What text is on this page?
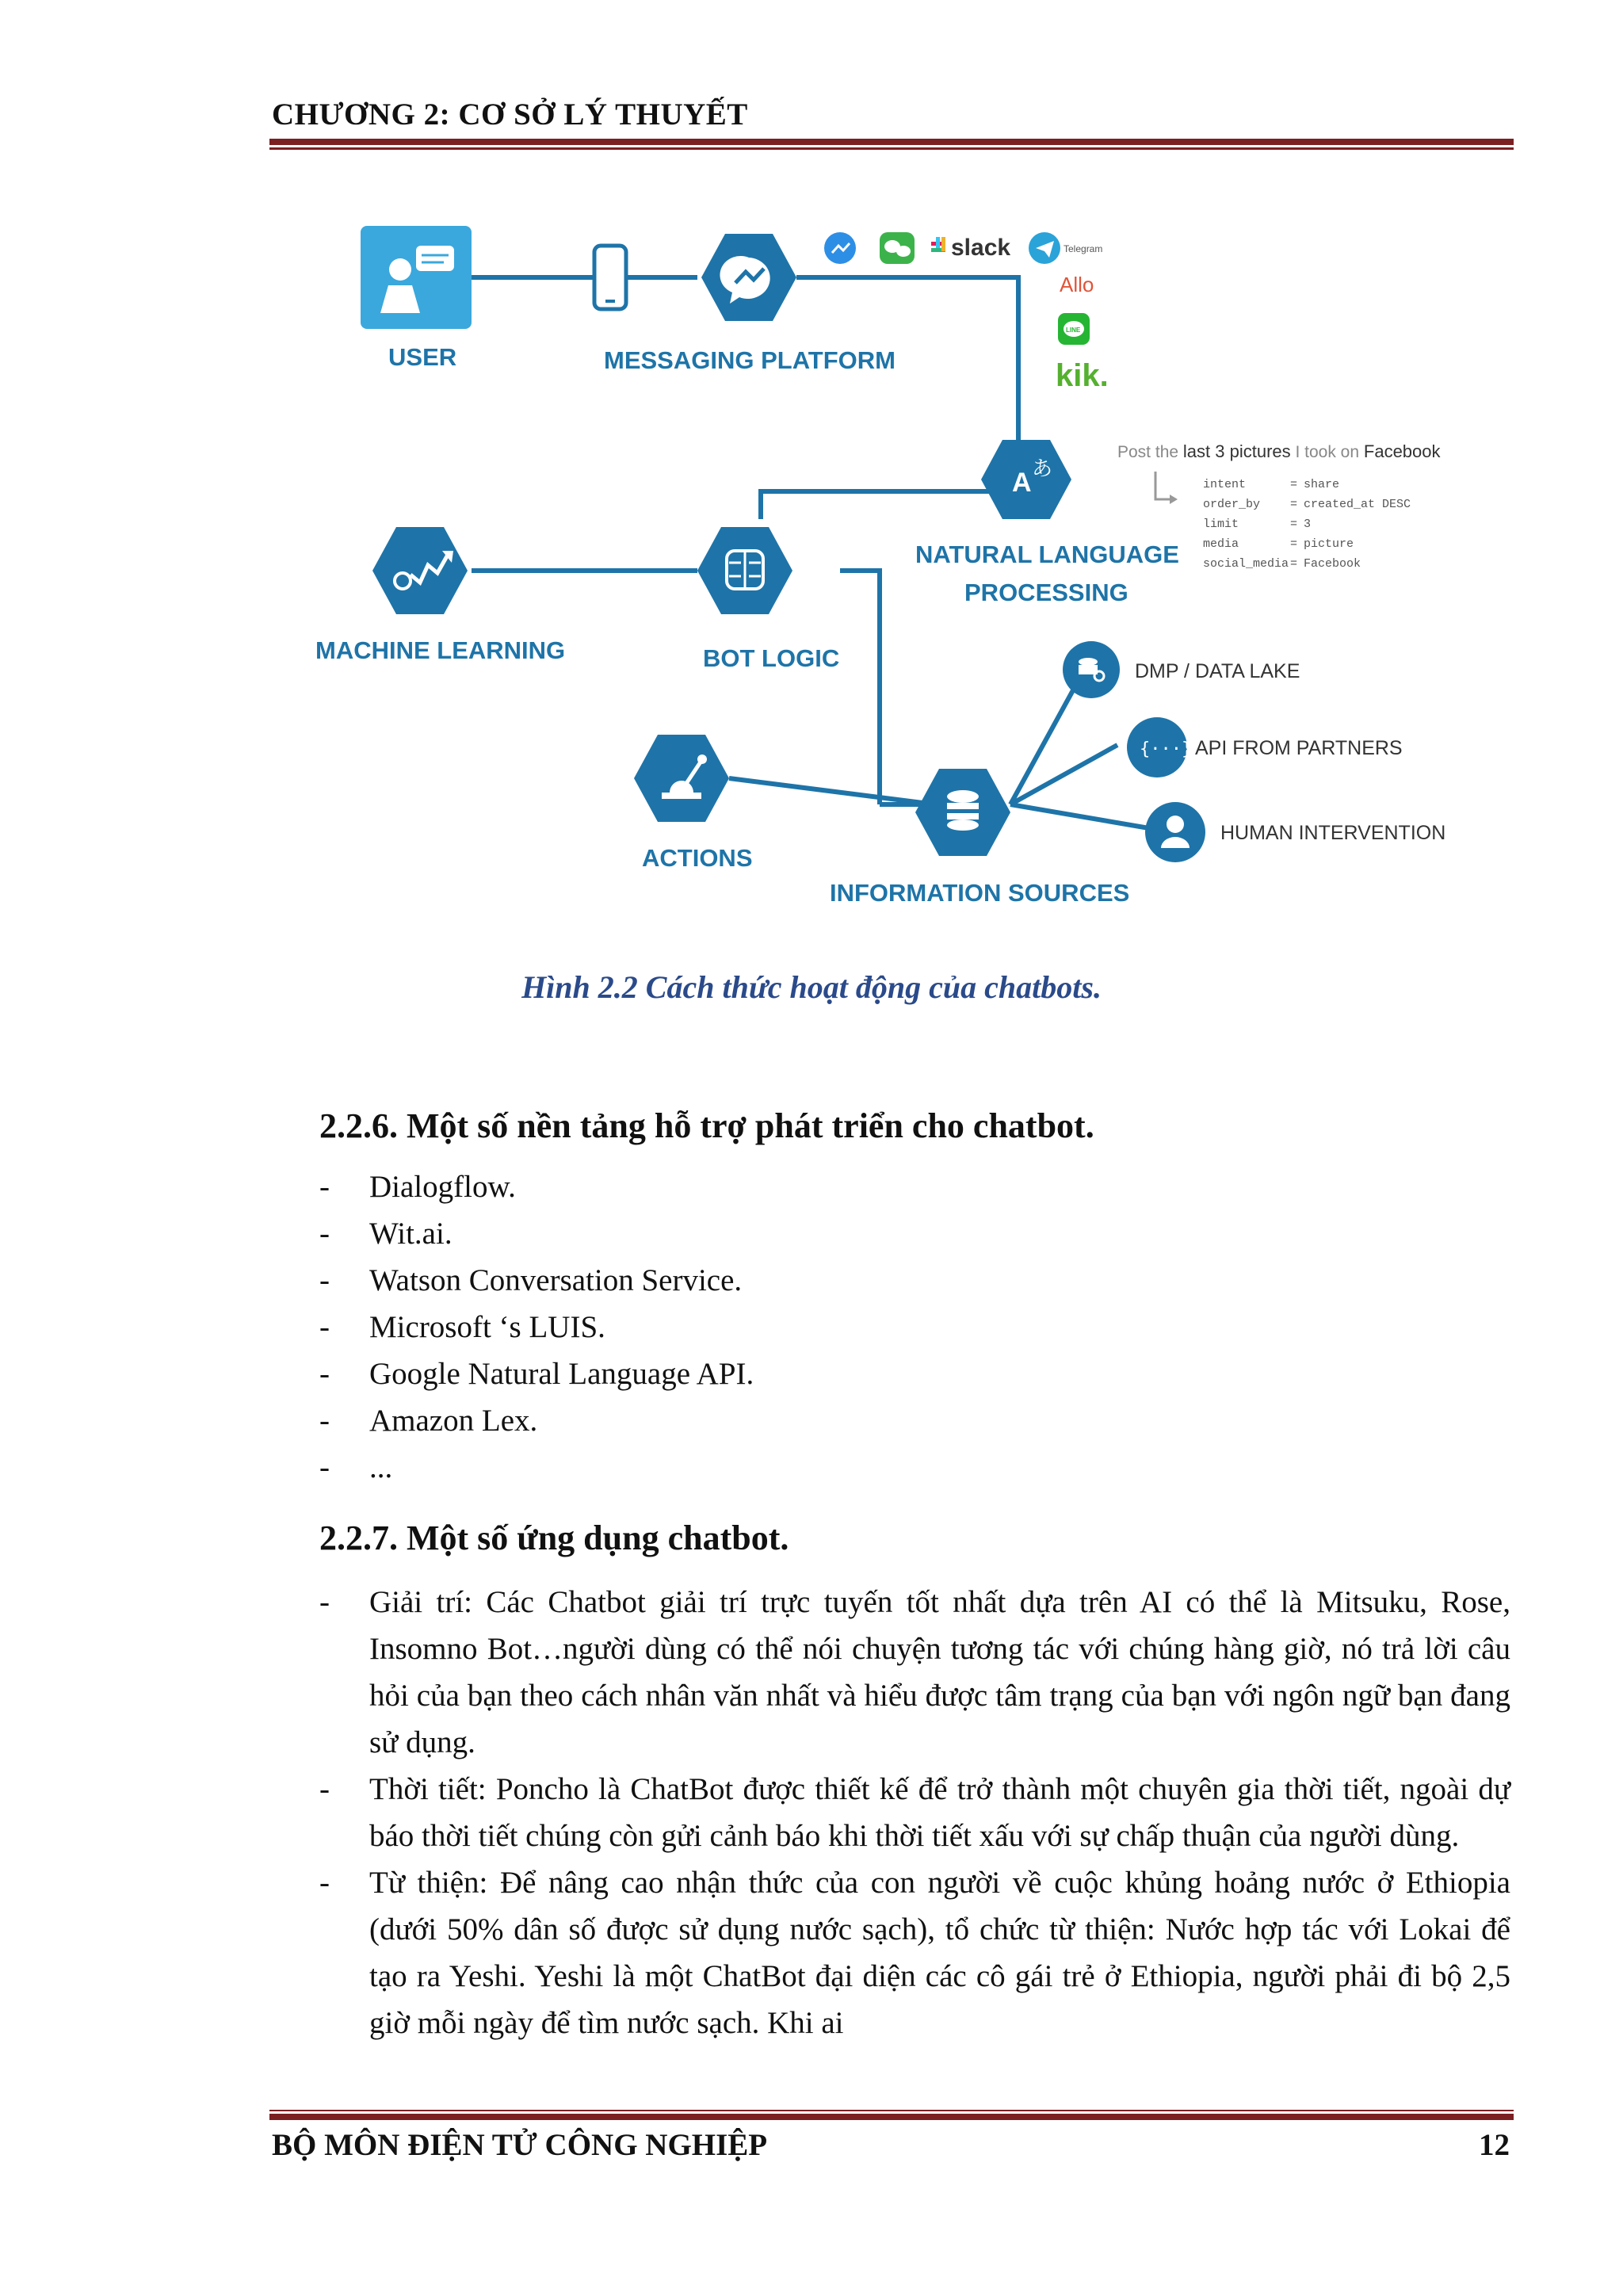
CHƯƠNG 2: CƠ SỞ LÝ THUYẾT
USER	MESSAGING PLATFORM
slack	Telegram
Allo
LINE
kik.
A あ
NATURAL LANGUAGE
PROCESSING
Post the last 3 pictures I took on Facebook
intent	= share
order_by	= created_at DESC
limit	= 3
media	= picture
social_media = Facebook
MACHINE LEARNING	BOT LOGIC
ACTIONS
INFORMATION SOURCES
DMP / DATA LAKE
{···} API FROM PARTNERS
HUMAN INTERVENTION
Hình 2.2 Cách thức hoạt động của chatbots.
2.2.6. Một số nền tảng hỗ trợ phát triển cho chatbot.
- Dialogflow.
- Wit.ai.
- Watson Conversation Service.
- Microsoft ‘s LUIS.
- Google Natural Language API.
- Amazon Lex.
- ...
2.2.7. Một số ứng dụng chatbot.
- Giải trí: Các Chatbot giải trí trực tuyến tốt nhất dựa trên AI có thể là Mitsuku, Rose, Insomno Bot…người dùng có thể nói chuyện tương tác với chúng hàng giờ, nó trả lời câu hỏi của bạn theo cách nhân văn nhất và hiểu được tâm trạng của bạn với ngôn ngữ bạn đang sử dụng.
- Thời tiết: Poncho là ChatBot được thiết kế để trở thành một chuyên gia thời tiết, ngoài dự báo thời tiết chúng còn gửi cảnh báo khi thời tiết xấu với sự chấp thuận của người dùng.
- Từ thiện: Để nâng cao nhận thức của con người về cuộc khủng hoảng nước ở Ethiopia (dưới 50% dân số được sử dụng nước sạch), tổ chức từ thiện: Nước hợp tác với Lokai để tạo ra Yeshi. Yeshi là một ChatBot đại diện các cô gái trẻ ở Ethiopia, người phải đi bộ 2,5 giờ mỗi ngày để tìm nước sạch. Khi ai
BỘ MÔN ĐIỆN TỬ CÔNG NGHIỆP	12
